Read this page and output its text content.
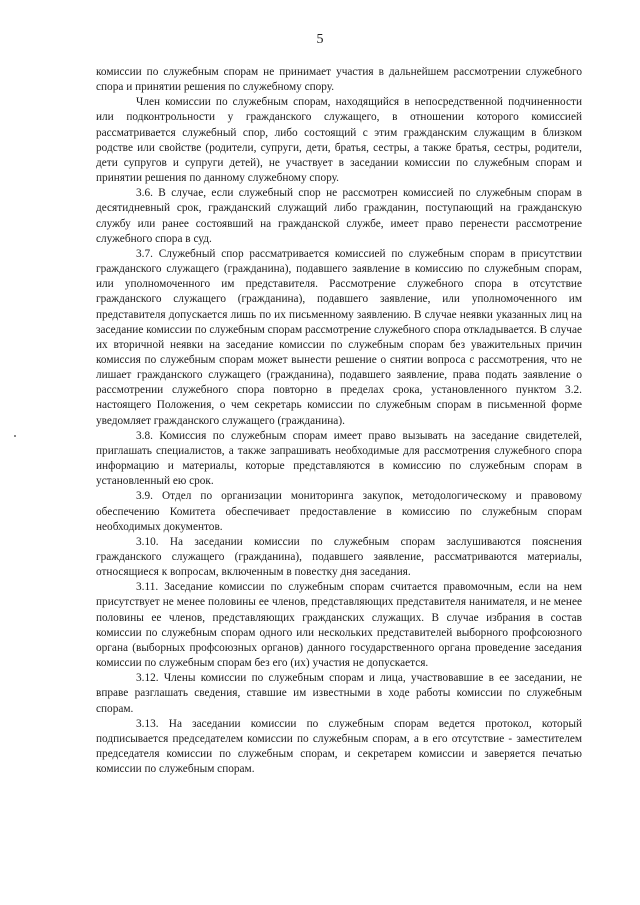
5

комиссии по служебным спорам не принимает участия в дальнейшем рассмотрении служебного спора и принятии решения по служебному спору.

Член комиссии по служебным спорам, находящийся в непосредственной подчиненности или подконтрольности у гражданского служащего, в отношении которого комиссией рассматривается служебный спор, либо состоящий с этим гражданским служащим в близком родстве или свойстве (родители, супруги, дети, братья, сестры, а также братья, сестры, родители, дети супругов и супруги детей), не участвует в заседании комиссии по служебным спорам и принятии решения по данному служебному спору.

3.6. В случае, если служебный спор не рассмотрен комиссией по служебным спорам в десятидневный срок, гражданский служащий либо гражданин, поступающий на гражданскую службу или ранее состоявший на гражданской службе, имеет право перенести рассмотрение служебного спора в суд.

3.7. Служебный спор рассматривается комиссией по служебным спорам в присутствии гражданского служащего (гражданина), подавшего заявление в комиссию по служебным спорам, или уполномоченного им представителя. Рассмотрение служебного спора в отсутствие гражданского служащего (гражданина), подавшего заявление, или уполномоченного им представителя допускается лишь по их письменному заявлению. В случае неявки указанных лиц на заседание комиссии по служебным спорам рассмотрение служебного спора откладывается. В случае их вторичной неявки на заседание комиссии по служебным спорам без уважительных причин комиссия по служебным спорам может вынести решение о снятии вопроса с рассмотрения, что не лишает гражданского служащего (гражданина), подавшего заявление, права подать заявление о рассмотрении служебного спора повторно в пределах срока, установленного пунктом 3.2. настоящего Положения, о чем секретарь комиссии по служебным спорам в письменной форме уведомляет гражданского служащего (гражданина).

3.8. Комиссия по служебным спорам имеет право вызывать на заседание свидетелей, приглашать специалистов, а также запрашивать необходимые для рассмотрения служебного спора информацию и материалы, которые представляются в комиссию по служебным спорам в установленный ею срок.

3.9. Отдел по организации мониторинга закупок, методологическому и правовому обеспечению Комитета обеспечивает предоставление в комиссию по служебным спорам необходимых документов.

3.10. На заседании комиссии по служебным спорам заслушиваются пояснения гражданского служащего (гражданина), подавшего заявление, рассматриваются материалы, относящиеся к вопросам, включенным в повестку дня заседания.

3.11. Заседание комиссии по служебным спорам считается правомочным, если на нем присутствует не менее половины ее членов, представляющих представителя нанимателя, и не менее половины ее членов, представляющих гражданских служащих. В случае избрания в состав комиссии по служебным спорам одного или нескольких представителей выборного профсоюзного органа (выборных профсоюзных органов) данного государственного органа проведение заседания комиссии по служебным спорам без его (их) участия не допускается.

3.12. Члены комиссии по служебным спорам и лица, участвовавшие в ее заседании, не вправе разглашать сведения, ставшие им известными в ходе работы комиссии по служебным спорам.

3.13. На заседании комиссии по служебным спорам ведется протокол, который подписывается председателем комиссии по служебным спорам, а в его отсутствие - заместителем председателя комиссии по служебным спорам, и секретарем комиссии и заверяется печатью комиссии по служебным спорам.
